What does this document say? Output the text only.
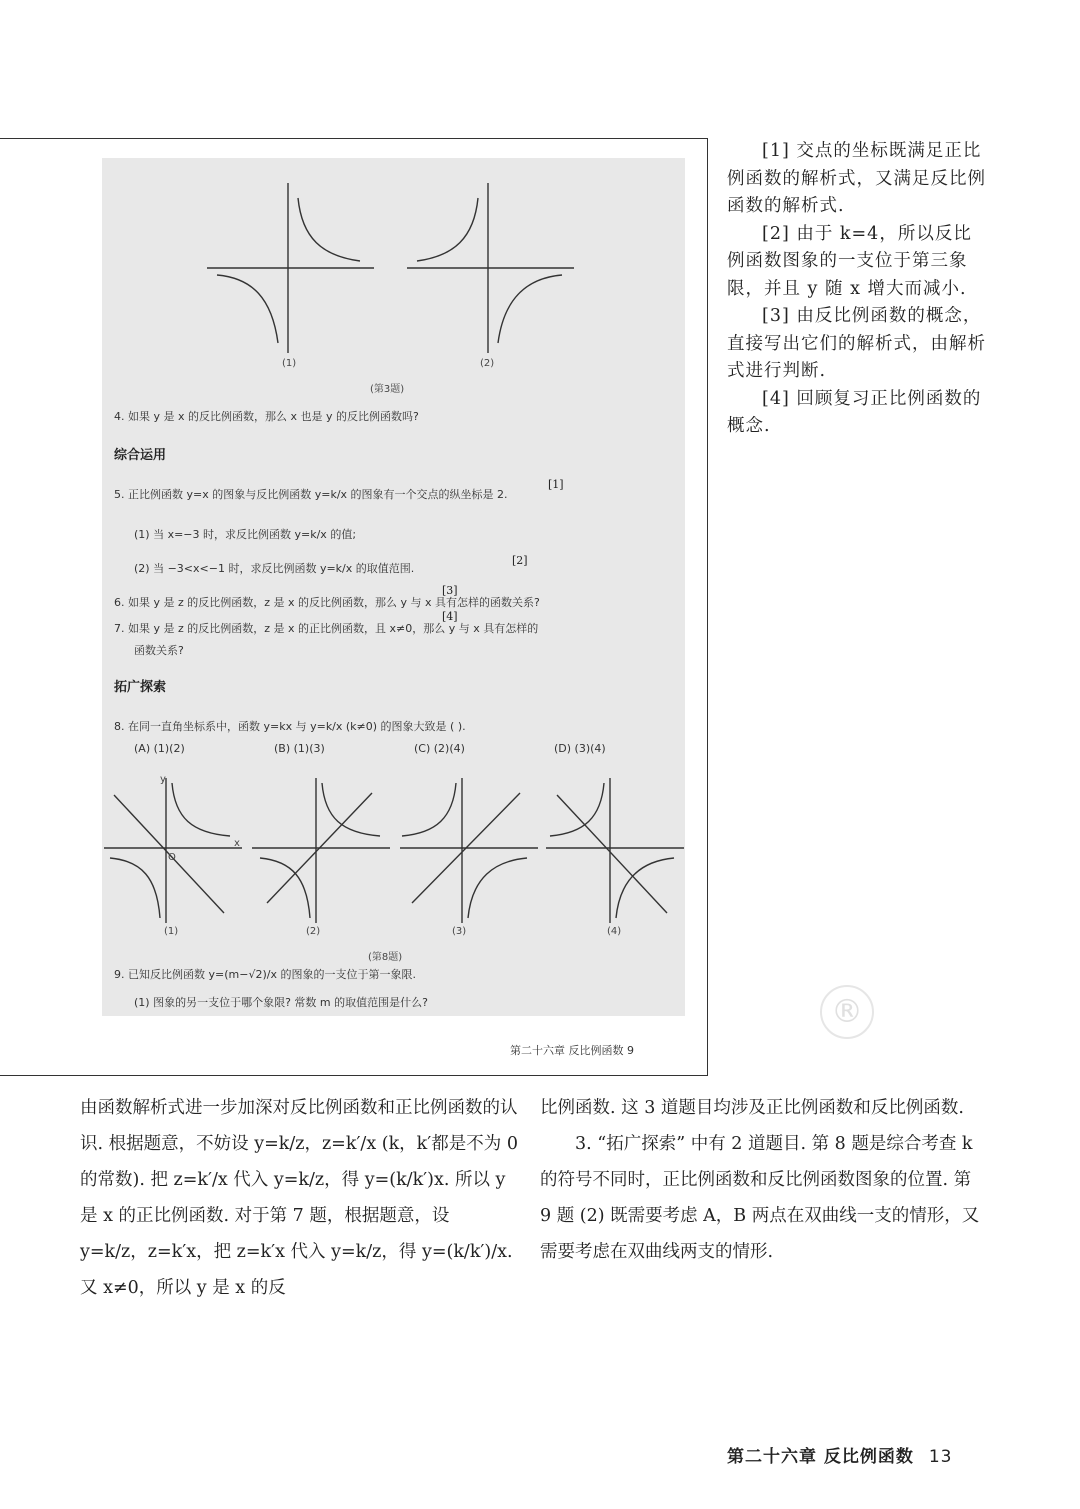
(1)	(2)
(第3题)
4. 如果 y 是 x 的反比例函数，那么 x 也是 y 的反比例函数吗?
综合运用
5. 正比例函数 y=x 的图象与反比例函数 y=k/x 的图象有一个交点的纵坐标是 2.
(1) 当 x=−3 时，求反比例函数 y=k/x 的值;
(2) 当 −3<x<−1 时，求反比例函数 y=k/x 的取值范围.
6. 如果 y 是 z 的反比例函数，z 是 x 的反比例函数，那么 y 与 x 具有怎样的函数关系?
7. 如果 y 是 z 的反比例函数，z 是 x 的正比例函数，且 x≠0，那么 y 与 x 具有怎样的
函数关系?
拓广探索
8. 在同一直角坐标系中，函数 y=kx 与 y=k/x (k≠0) 的图象大致是 ( ).
(A) (1)(2)	(B) (1)(3)	(C) (2)(4)	(D) (3)(4)
O
x
y
(1)	(2)	(3)	(4)
(第8题)
9. 已知反比例函数 y=(m−√2)/x 的图象的一支位于第一象限.
(1) 图象的另一支位于哪个象限? 常数 m 的取值范围是什么?
[1]
[2]
[3]
[4]
第二十六章 反比例函数 9
®

[1] 交点的坐标既满足正比例函数的解析式，又满足反比例函数的解析式.

[2] 由于 k=4，所以反比例函数图象的一支位于第三象限，并且 y 随 x 增大而减小.

[3] 由反比例函数的概念，直接写出它们的解析式，由解析式进行判断.

[4] 回顾复习正比例函数的概念.

由函数解析式进一步加深对反比例函数和正比例函数的认识. 根据题意，不妨设 y=k/z，z=k′/x (k，k′都是不为 0 的常数). 把 z=k′/x 代入 y=k/z，得 y=(k/k′)x. 所以 y 是 x 的正比例函数. 对于第 7 题，根据题意，设 y=k/z，z=k′x，把 z=k′x 代入 y=k/z，得 y=(k/k′)/x. 又 x≠0，所以 y 是 x 的反

比例函数. 这 3 道题目均涉及正比例函数和反比例函数.

3. “拓广探索” 中有 2 道题目. 第 8 题是综合考查 k 的符号不同时，正比例函数和反比例函数图象的位置. 第 9 题 (2) 既需要考虑 A，B 两点在双曲线一支的情形，又需要考虑在双曲线两支的情形.

第二十六章 反比例函数 13
